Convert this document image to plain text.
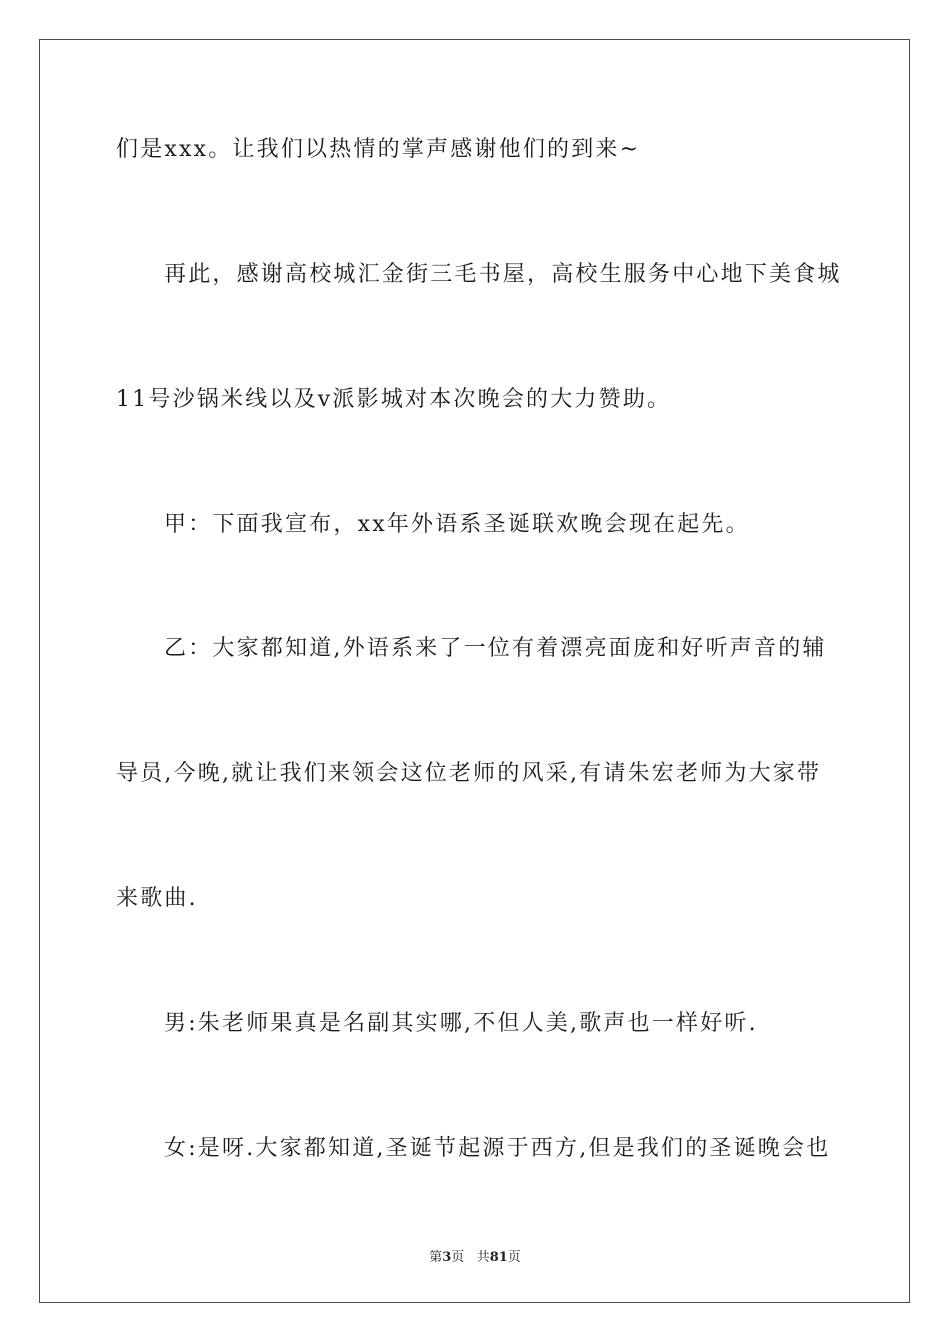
们是xxx。让我们以热情的掌声感谢他们的到来~
再此，感谢高校城汇金街三毛书屋，高校生服务中心地下美食城
11号沙锅米线以及v派影城对本次晚会的大力赞助。
甲：下面我宣布，xx年外语系圣诞联欢晚会现在起先。
乙：大家都知道,外语系来了一位有着漂亮面庞和好听声音的辅
导员,今晚,就让我们来领会这位老师的风采,有请朱宏老师为大家带
来歌曲.
男:朱老师果真是名副其实哪,不但人美,歌声也一样好听.
女:是呀.大家都知道,圣诞节起源于西方,但是我们的圣诞晚会也
第3页 共81页
